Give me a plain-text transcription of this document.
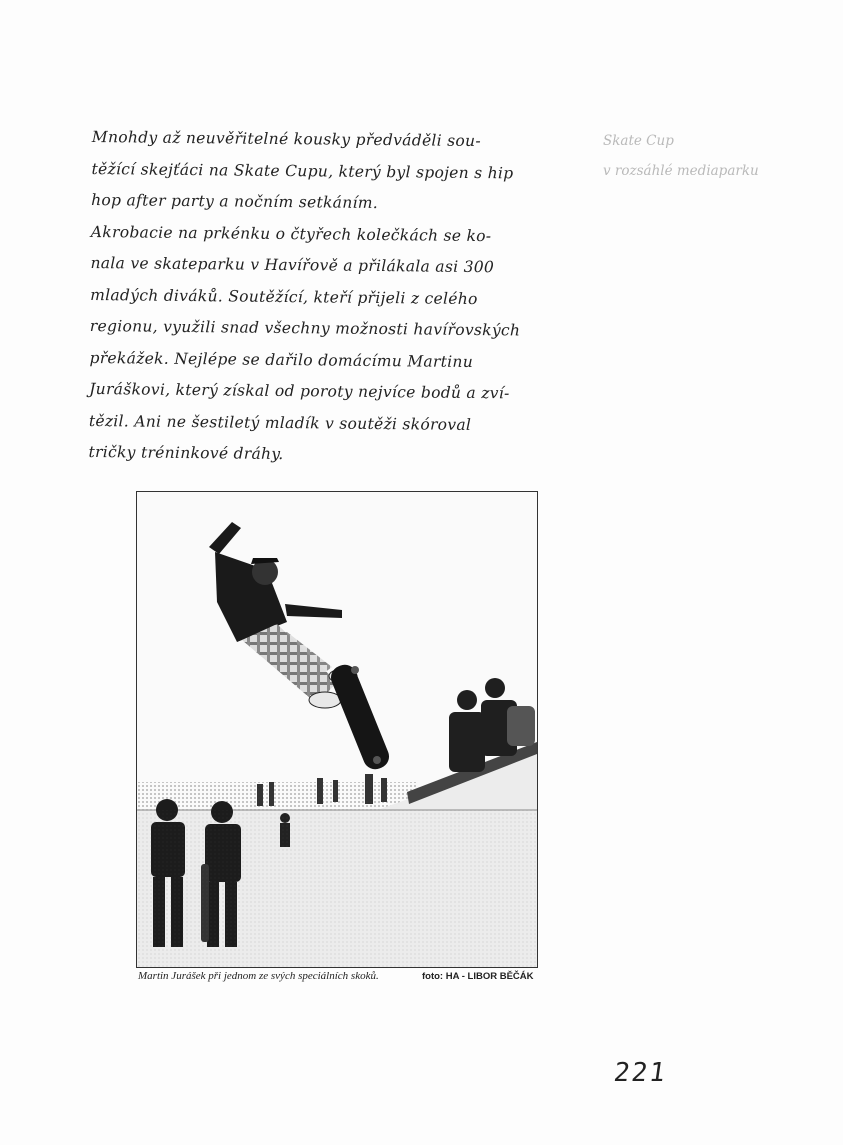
Mnohdy až neuvěřitelné kousky předváděli sou-
těžící skejťáci na Skate Cupu, který byl spojen s hip
hop after party a nočním setkáním.
Akrobacie na prkénku o čtyřech kolečkách se ko-
nala ve skateparku v Havířově a přilákala asi 300
mladých diváků. Soutěžící, kteří přijeli z celého
regionu, využili snad všechny možnosti havířovských
překážek. Nejlépe se dařilo domácímu Martinu
Juráškovi, který získal od poroty nejvíce bodů a zví-
tězil. Ani ne šestiletý mladík v soutěži skóroval
tričky tréninkové dráhy.
Skate Cup
v rozsáhlé mediaparku
Martin Jurášek při jednom ze svých speciálních skoků.	foto: HA - LIBOR BĚČÁK
221
